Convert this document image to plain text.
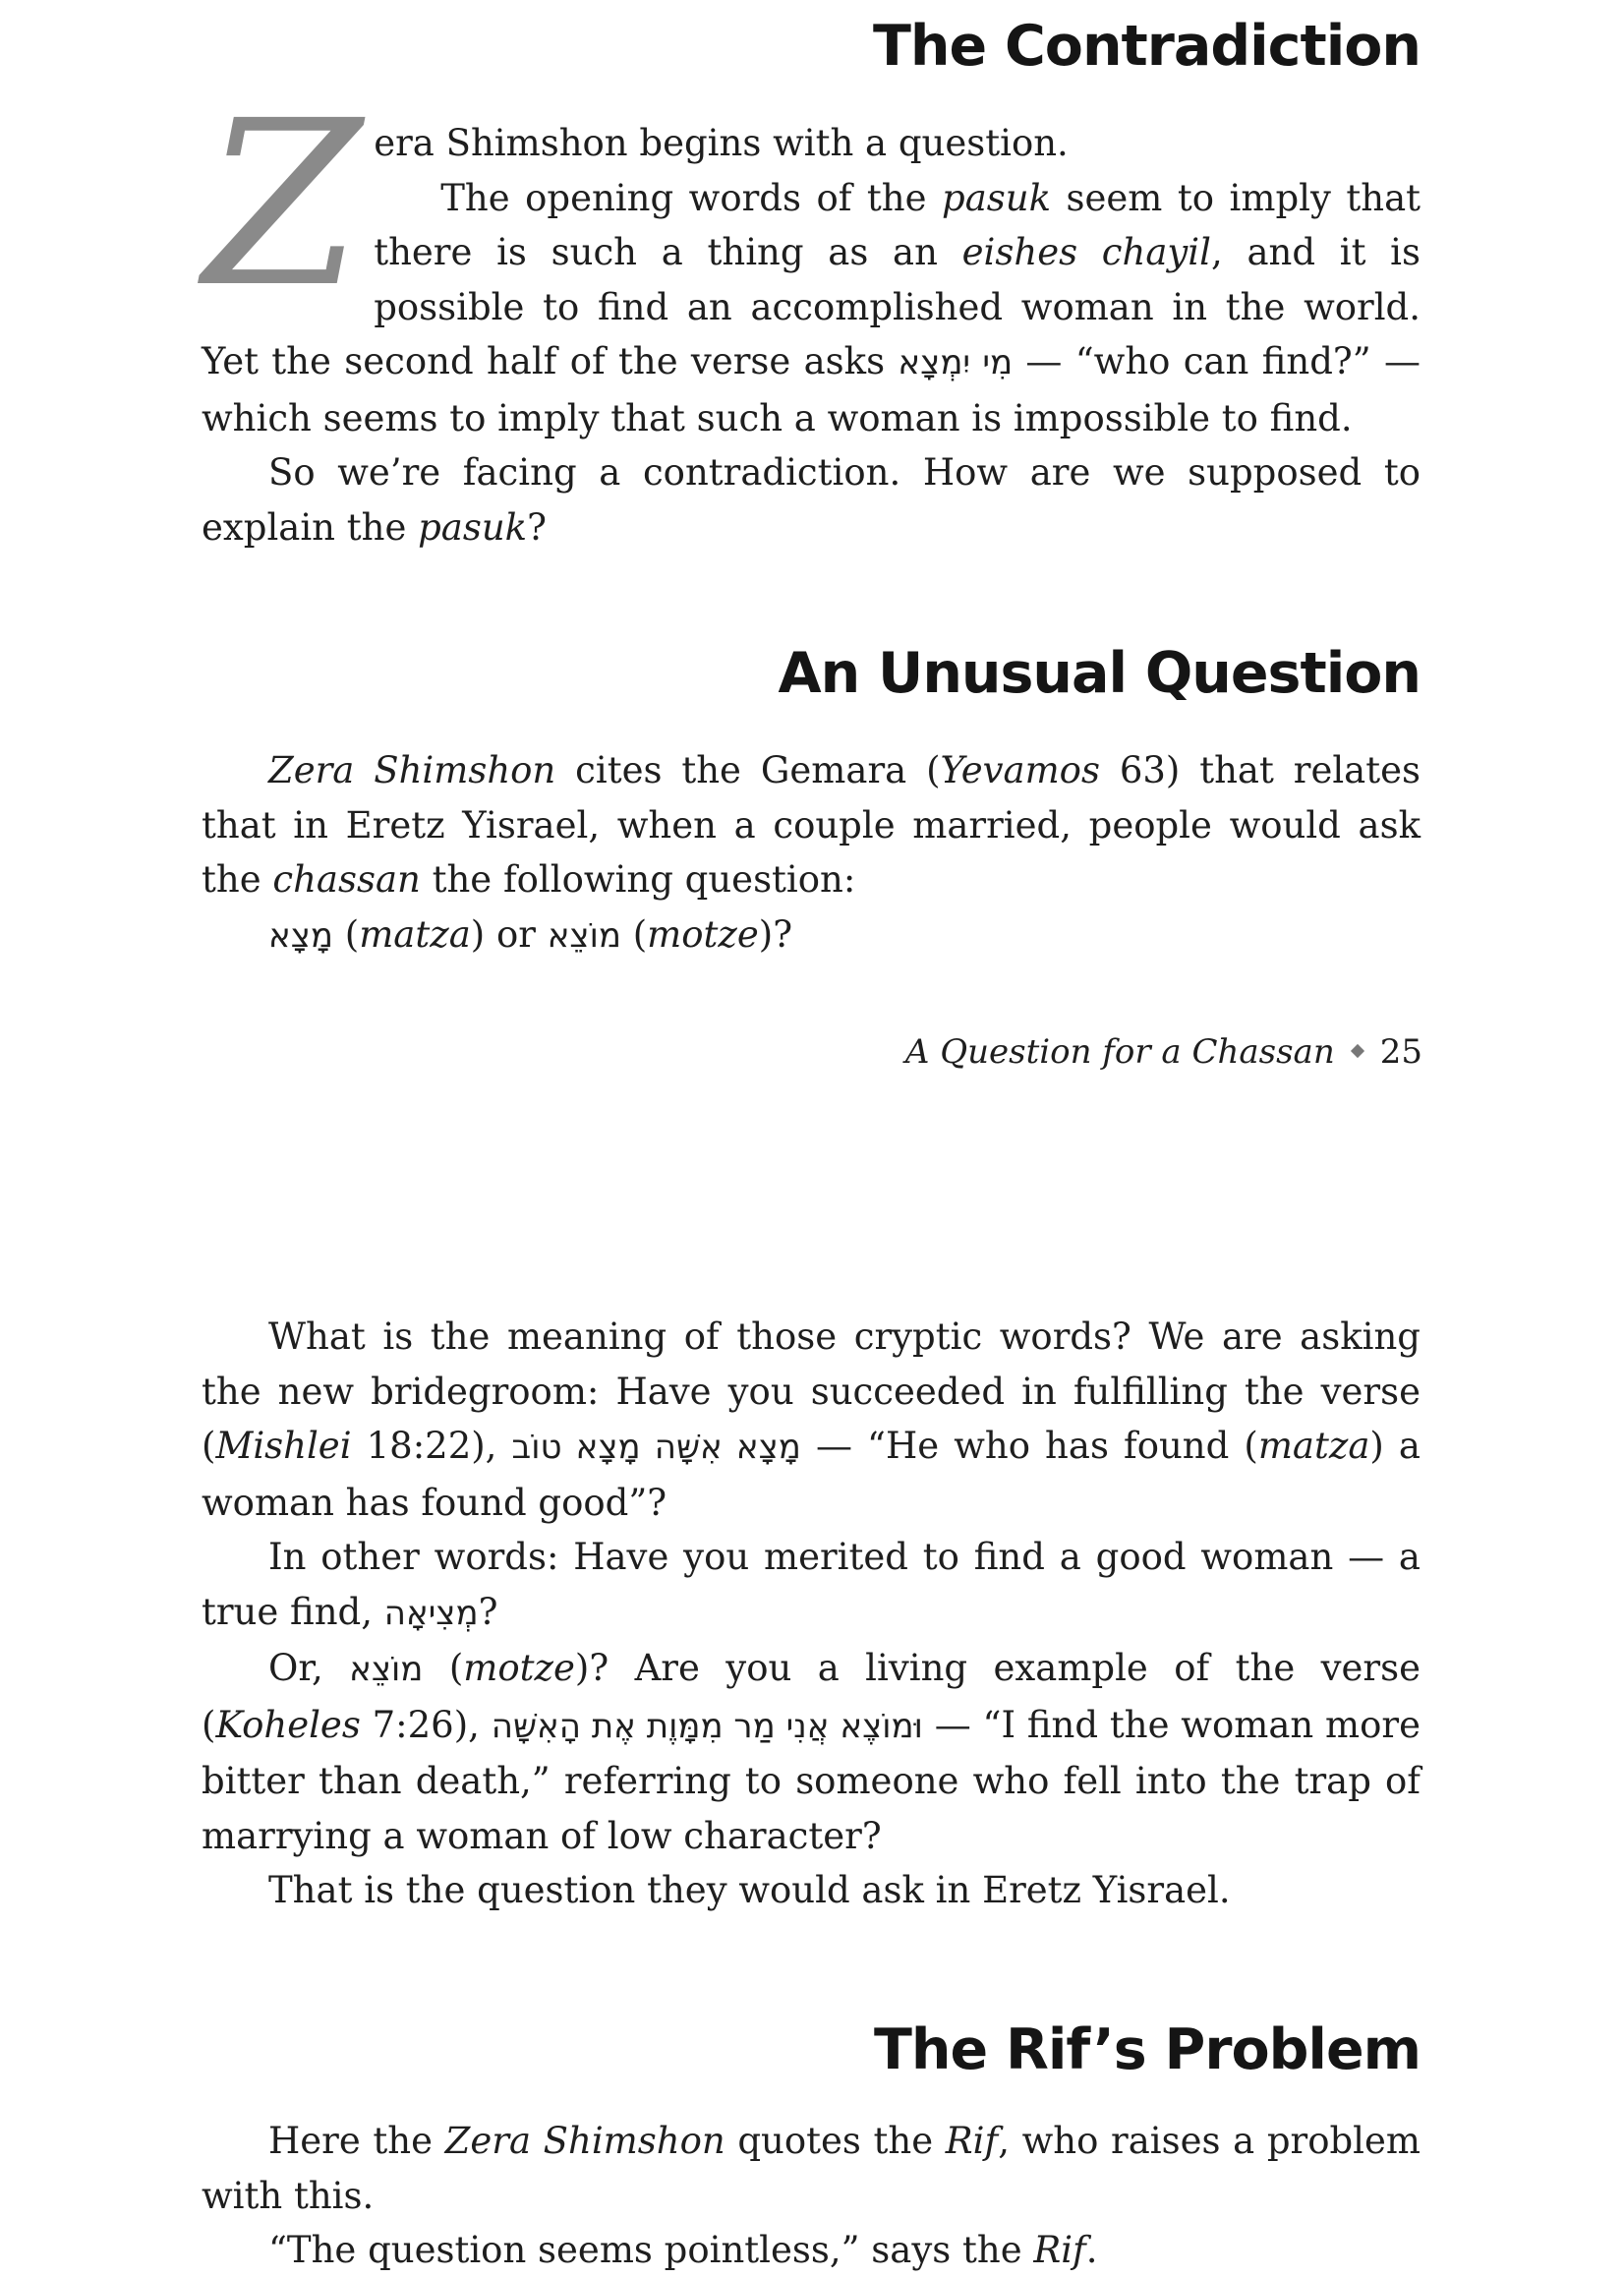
The Contradiction
Z era Shimshon begins with a question.

The opening words of the pasuk seem to imply that there is such a thing as an eishes chayil, and it is possible to find an accomplished woman in the world. Yet the second half of the verse asks מִי יִמְצָא — “who can find?” — which seems to imply that such a woman is impossible to find.

So we’re facing a contradiction. How are we supposed to explain the pasuk?

An Unusual Question

Zera Shimshon cites the Gemara (Yevamos 63) that relates that in Eretz Yisrael, when a couple married, people would ask the chassan the following question:

מָצָא (matza) or מוֹצֵא (motze)?

A Question for a Chassan 25

What is the meaning of those cryptic words? We are asking the new bridegroom: Have you succeeded in fulfilling the verse (Mishlei 18:22), מָצָא אִשָּׁה מָצָא טוֹב — “He who has found (matza) a woman has found good”?

In other words: Have you merited to find a good woman — a true find, מְצִיאָה?

Or, מוֹצֵא (motze)? Are you a living example of the verse (Koheles 7:26), וּמוֹצֶא אֲנִי מַר מִמָּוֶת אֶת הָאִשָּׁה — “I find the woman more bitter than death,” referring to someone who fell into the trap of marrying a woman of low character?

That is the question they would ask in Eretz Yisrael.

The Rif’s Problem

Here the Zera Shimshon quotes the Rif, who raises a problem with this.

“The question seems pointless,” says the Rif.
